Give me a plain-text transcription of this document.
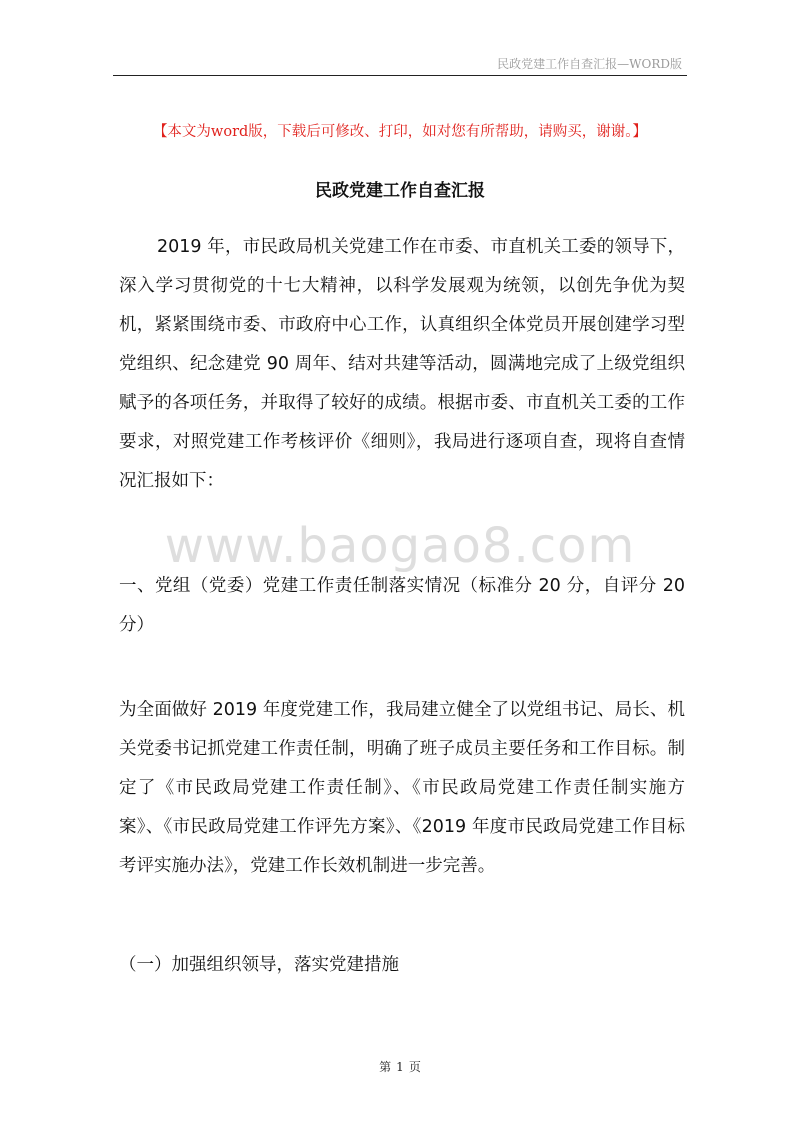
民政党建工作自查汇报—WORD版
【本文为word版，下载后可修改、打印，如对您有所帮助，请购买，谢谢。】
民政党建工作自查汇报

2019 年，市民政局机关党建工作在市委、市直机关工委的领导下，深入学习贯彻党的十七大精神，以科学发展观为统领，以创先争优为契机，紧紧围绕市委、市政府中心工作，认真组织全体党员开展创建学习型党组织、纪念建党 90 周年、结对共建等活动，圆满地完成了上级党组织赋予的各项任务，并取得了较好的成绩。根据市委、市直机关工委的工作要求，对照党建工作考核评价《细则》，我局进行逐项自查，现将自查情况汇报如下：

www.baogao8.com

一、党组（党委）党建工作责任制落实情况（标准分 20 分，自评分 20 分）

为全面做好 2019 年度党建工作，我局建立健全了以党组书记、局长、机关党委书记抓党建工作责任制，明确了班子成员主要任务和工作目标。制定了《市民政局党建工作责任制》、《市民政局党建工作责任制实施方案》、《市民政局党建工作评先方案》、《2019 年度市民政局党建工作目标考评实施办法》，党建工作长效机制进一步完善。

（一）加强组织领导，落实党建措施

第 1 页
